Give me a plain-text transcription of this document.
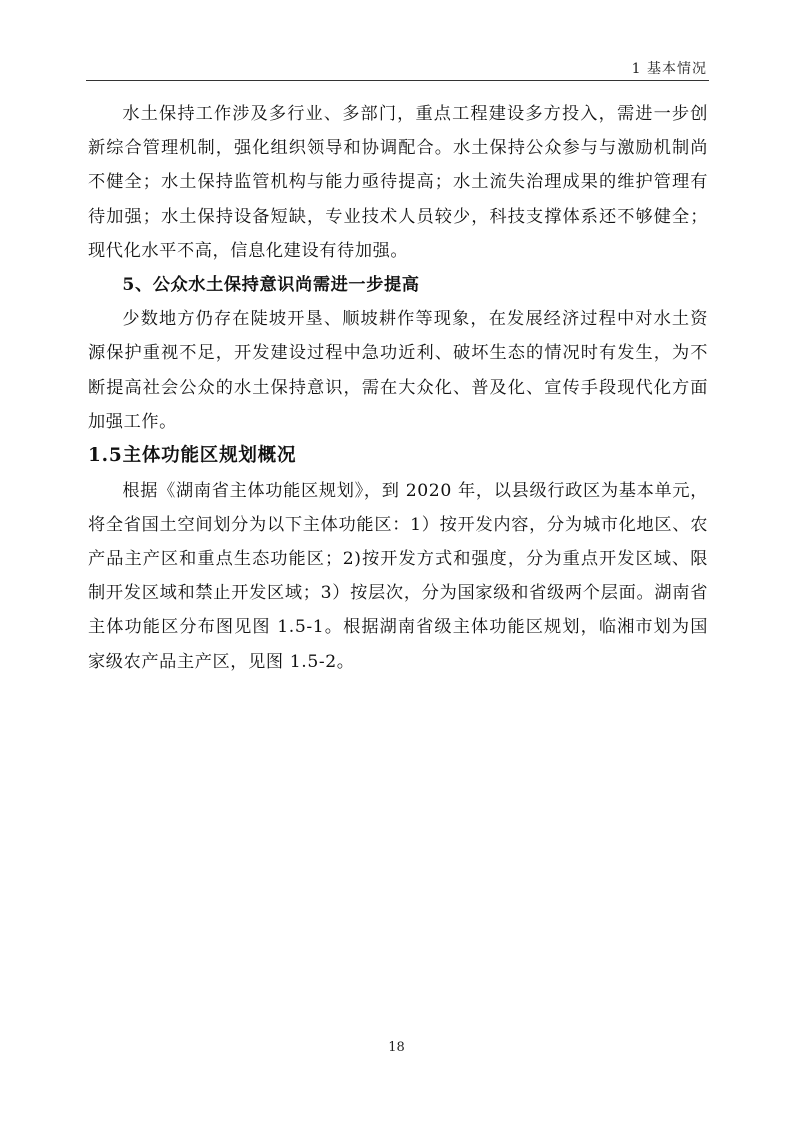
1 基本情况

水土保持工作涉及多行业、多部门，重点工程建设多方投入，需进一步创新综合管理机制，强化组织领导和协调配合。水土保持公众参与与激励机制尚不健全；水土保持监管机构与能力亟待提高；水土流失治理成果的维护管理有待加强；水土保持设备短缺，专业技术人员较少，科技支撑体系还不够健全；现代化水平不高，信息化建设有待加强。

5、公众水土保持意识尚需进一步提高

少数地方仍存在陡坡开垦、顺坡耕作等现象，在发展经济过程中对水土资源保护重视不足，开发建设过程中急功近利、破坏生态的情况时有发生，为不断提高社会公众的水土保持意识，需在大众化、普及化、宣传手段现代化方面加强工作。

1.5主体功能区规划概况

根据《湖南省主体功能区规划》，到 2020 年，以县级行政区为基本单元，将全省国土空间划分为以下主体功能区：1）按开发内容，分为城市化地区、农产品主产区和重点生态功能区；2)按开发方式和强度，分为重点开发区域、限制开发区域和禁止开发区域；3）按层次，分为国家级和省级两个层面。湖南省主体功能区分布图见图 1.5-1。根据湖南省级主体功能区规划，临湘市划为国家级农产品主产区，见图 1.5-2。

18
